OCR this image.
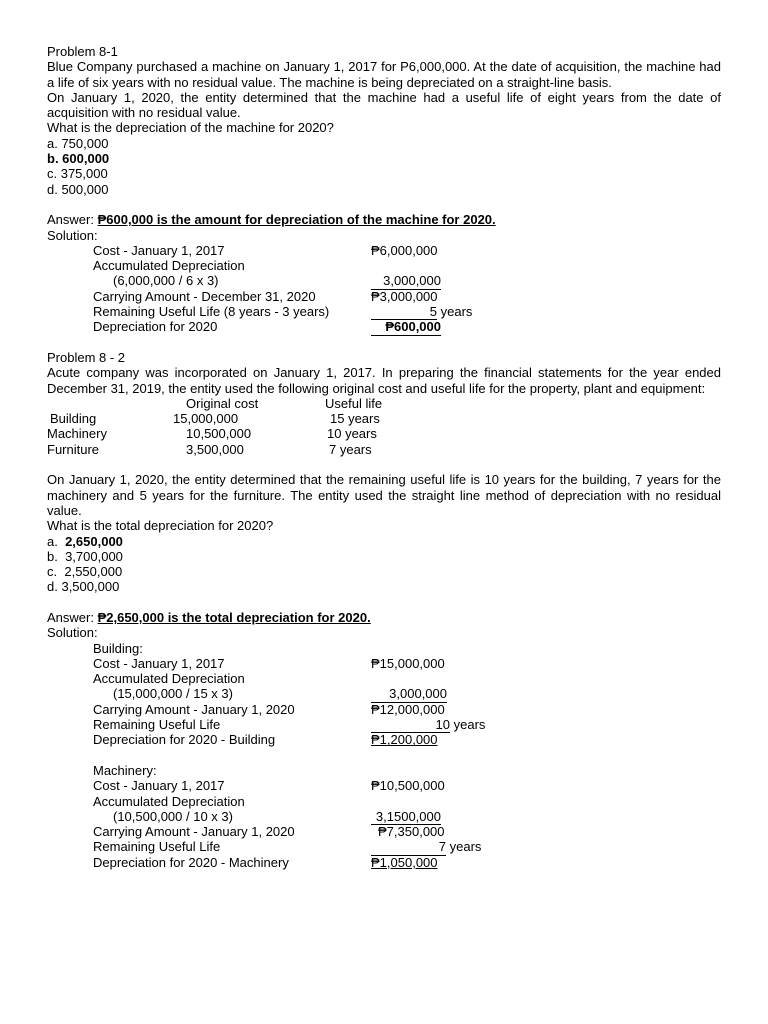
Problem 8-1

Blue Company purchased a machine on January 1, 2017 for P6,000,000. At the date of acquisition, the machine had a life of six years with no residual value. The machine is being depreciated on a straight-line basis.

On January 1, 2020, the entity determined that the machine had a useful life of eight years from the date of acquisition with no residual value.

What is the depreciation of the machine for 2020?

a. 750,000

b. 600,000

c. 375,000

d. 500,000

Answer: ₱600,000 is the amount for depreciation of the machine for 2020.

Solution:

Cost - January 1, 2017	₱6,000,000
Accumulated Depreciation
(6,000,000 / 6 x 3)	3,000,000
Carrying Amount - December 31, 2020	₱3,000,000
Remaining Useful Life (8 years - 3 years)	5 years
Depreciation for 2020	₱600,000

Problem 8 - 2

Acute company was incorporated on January 1, 2017. In preparing the financial statements for the year ended December 31, 2019, the entity used the following original cost and useful life for the property, plant and equipment:

Original cost	Useful life
Building	15,000,000	15 years
Machinery	10,500,000	10 years
Furniture	3,500,000	7 years

On January 1, 2020, the entity determined that the remaining useful life is 10 years for the building, 7 years for the machinery and 5 years for the furniture. The entity used the straight line method of depreciation with no residual value.

What is the total depreciation for 2020?

a. 2,650,000

b. 3,700,000

c. 2,550,000

d. 3,500,000

Answer: ₱2,650,000 is the total depreciation for 2020.

Solution:

Building:
Cost - January 1, 2017	₱15,000,000
Accumulated Depreciation
(15,000,000 / 15 x 3)	3,000,000
Carrying Amount - January 1, 2020	₱12,000,000
Remaining Useful Life	10 years
Depreciation for 2020 - Building	₱1,200,000
Machinery:
Cost - January 1, 2017	₱10,500,000
Accumulated Depreciation
(10,500,000 / 10 x 3)	3,1500,000
Carrying Amount - January 1, 2020	₱7,350,000
Remaining Useful Life	7 years
Depreciation for 2020 - Machinery	₱1,050,000
